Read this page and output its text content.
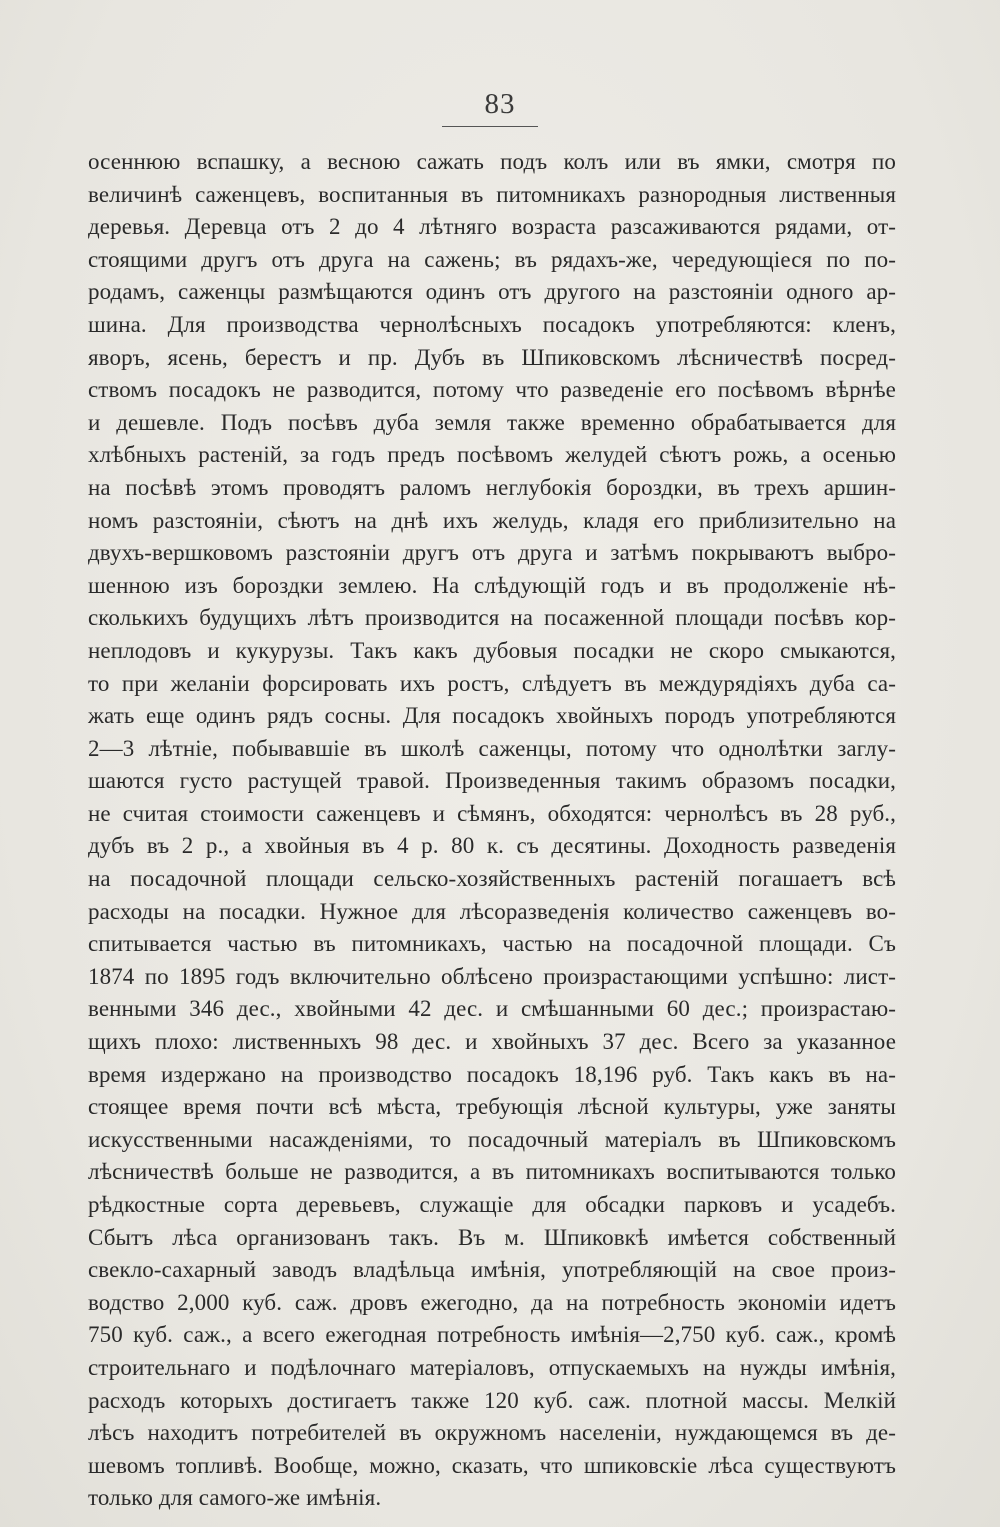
83
осеннюю вспашку, а весною сажать подъ колъ или въ ямки, смотря по
величинѣ саженцевъ, воспитанныя въ питомникахъ разнородныя лиственныя
деревья. Деревца отъ 2 до 4 лѣтняго возраста разсаживаются рядами, от-
стоящими другъ отъ друга на сажень; въ рядахъ-же, чередующіеся по по-
родамъ, саженцы размѣщаются одинъ отъ другого на разстояніи одного ар-
шина. Для производства чернолѣсныхъ посадокъ употребляются: кленъ,
яворъ, ясень, берестъ и пр. Дубъ въ Шпиковскомъ лѣсничествѣ посред-
ствомъ посадокъ не разводится, потому что разведеніе его посѣвомъ вѣрнѣе
и дешевле. Подъ посѣвъ дуба земля также временно обрабатывается для
хлѣбныхъ растеній, за годъ предъ посѣвомъ желудей сѣютъ рожь, а осенью
на посѣвѣ этомъ проводятъ раломъ неглубокія бороздки, въ трехъ аршин-
номъ разстояніи, сѣютъ на днѣ ихъ желудь, кладя его приблизительно на
двухъ-вершковомъ разстояніи другъ отъ друга и затѣмъ покрываютъ выбро-
шенною изъ бороздки землею. На слѣдующій годъ и въ продолженіе нѣ-
сколькихъ будущихъ лѣтъ производится на посаженной площади посѣвъ кор-
неплодовъ и кукурузы. Такъ какъ дубовыя посадки не скоро смыкаются,
то при желаніи форсировать ихъ ростъ, слѣдуетъ въ междурядіяхъ дуба са-
жать еще одинъ рядъ сосны. Для посадокъ хвойныхъ породъ употребляются
2—3 лѣтніе, побывавшіе въ школѣ саженцы, потому что однолѣтки заглу-
шаются густо растущей травой. Произведенныя такимъ образомъ посадки,
не считая стоимости саженцевъ и сѣмянъ, обходятся: чернолѣсъ въ 28 руб.,
дубъ въ 2 р., а хвойныя въ 4 р. 80 к. съ десятины. Доходность разведенія
на посадочной площади сельско-хозяйственныхъ растеній погашаетъ всѣ
расходы на посадки. Нужное для лѣсоразведенія количество саженцевъ во-
спитывается частью въ питомникахъ, частью на посадочной площади. Съ
1874 по 1895 годъ включительно облѣсено произрастающими успѣшно: лист-
венными 346 дес., хвойными 42 дес. и смѣшанными 60 дес.; произрастаю-
щихъ плохо: лиственныхъ 98 дес. и хвойныхъ 37 дес. Всего за указанное
время издержано на производство посадокъ 18,196 руб. Такъ какъ въ на-
стоящее время почти всѣ мѣста, требующія лѣсной культуры, уже заняты
искусственными насажденіями, то посадочный матеріалъ въ Шпиковскомъ
лѣсничествѣ больше не разводится, а въ питомникахъ воспитываются только
рѣдкостные сорта деревьевъ, служащіе для обсадки парковъ и усадебъ.
Сбытъ лѣса организованъ такъ. Въ м. Шпиковкѣ имѣется собственный
свекло-сахарный заводъ владѣльца имѣнія, употребляющій на свое произ-
водство 2,000 куб. саж. дровъ ежегодно, да на потребность экономіи идетъ
750 куб. саж., а всего ежегодная потребность имѣнія—2,750 куб. саж., кромѣ
строительнаго и подѣлочнаго матеріаловъ, отпускаемыхъ на нужды имѣнія,
расходъ которыхъ достигаетъ также 120 куб. саж. плотной массы. Мелкій
лѣсъ находитъ потребителей въ окружномъ населеніи, нуждающемся въ де-
шевомъ топливѣ. Вообще, можно, сказать, что шпиковскіе лѣса существуютъ
только для самого-же имѣнія.
